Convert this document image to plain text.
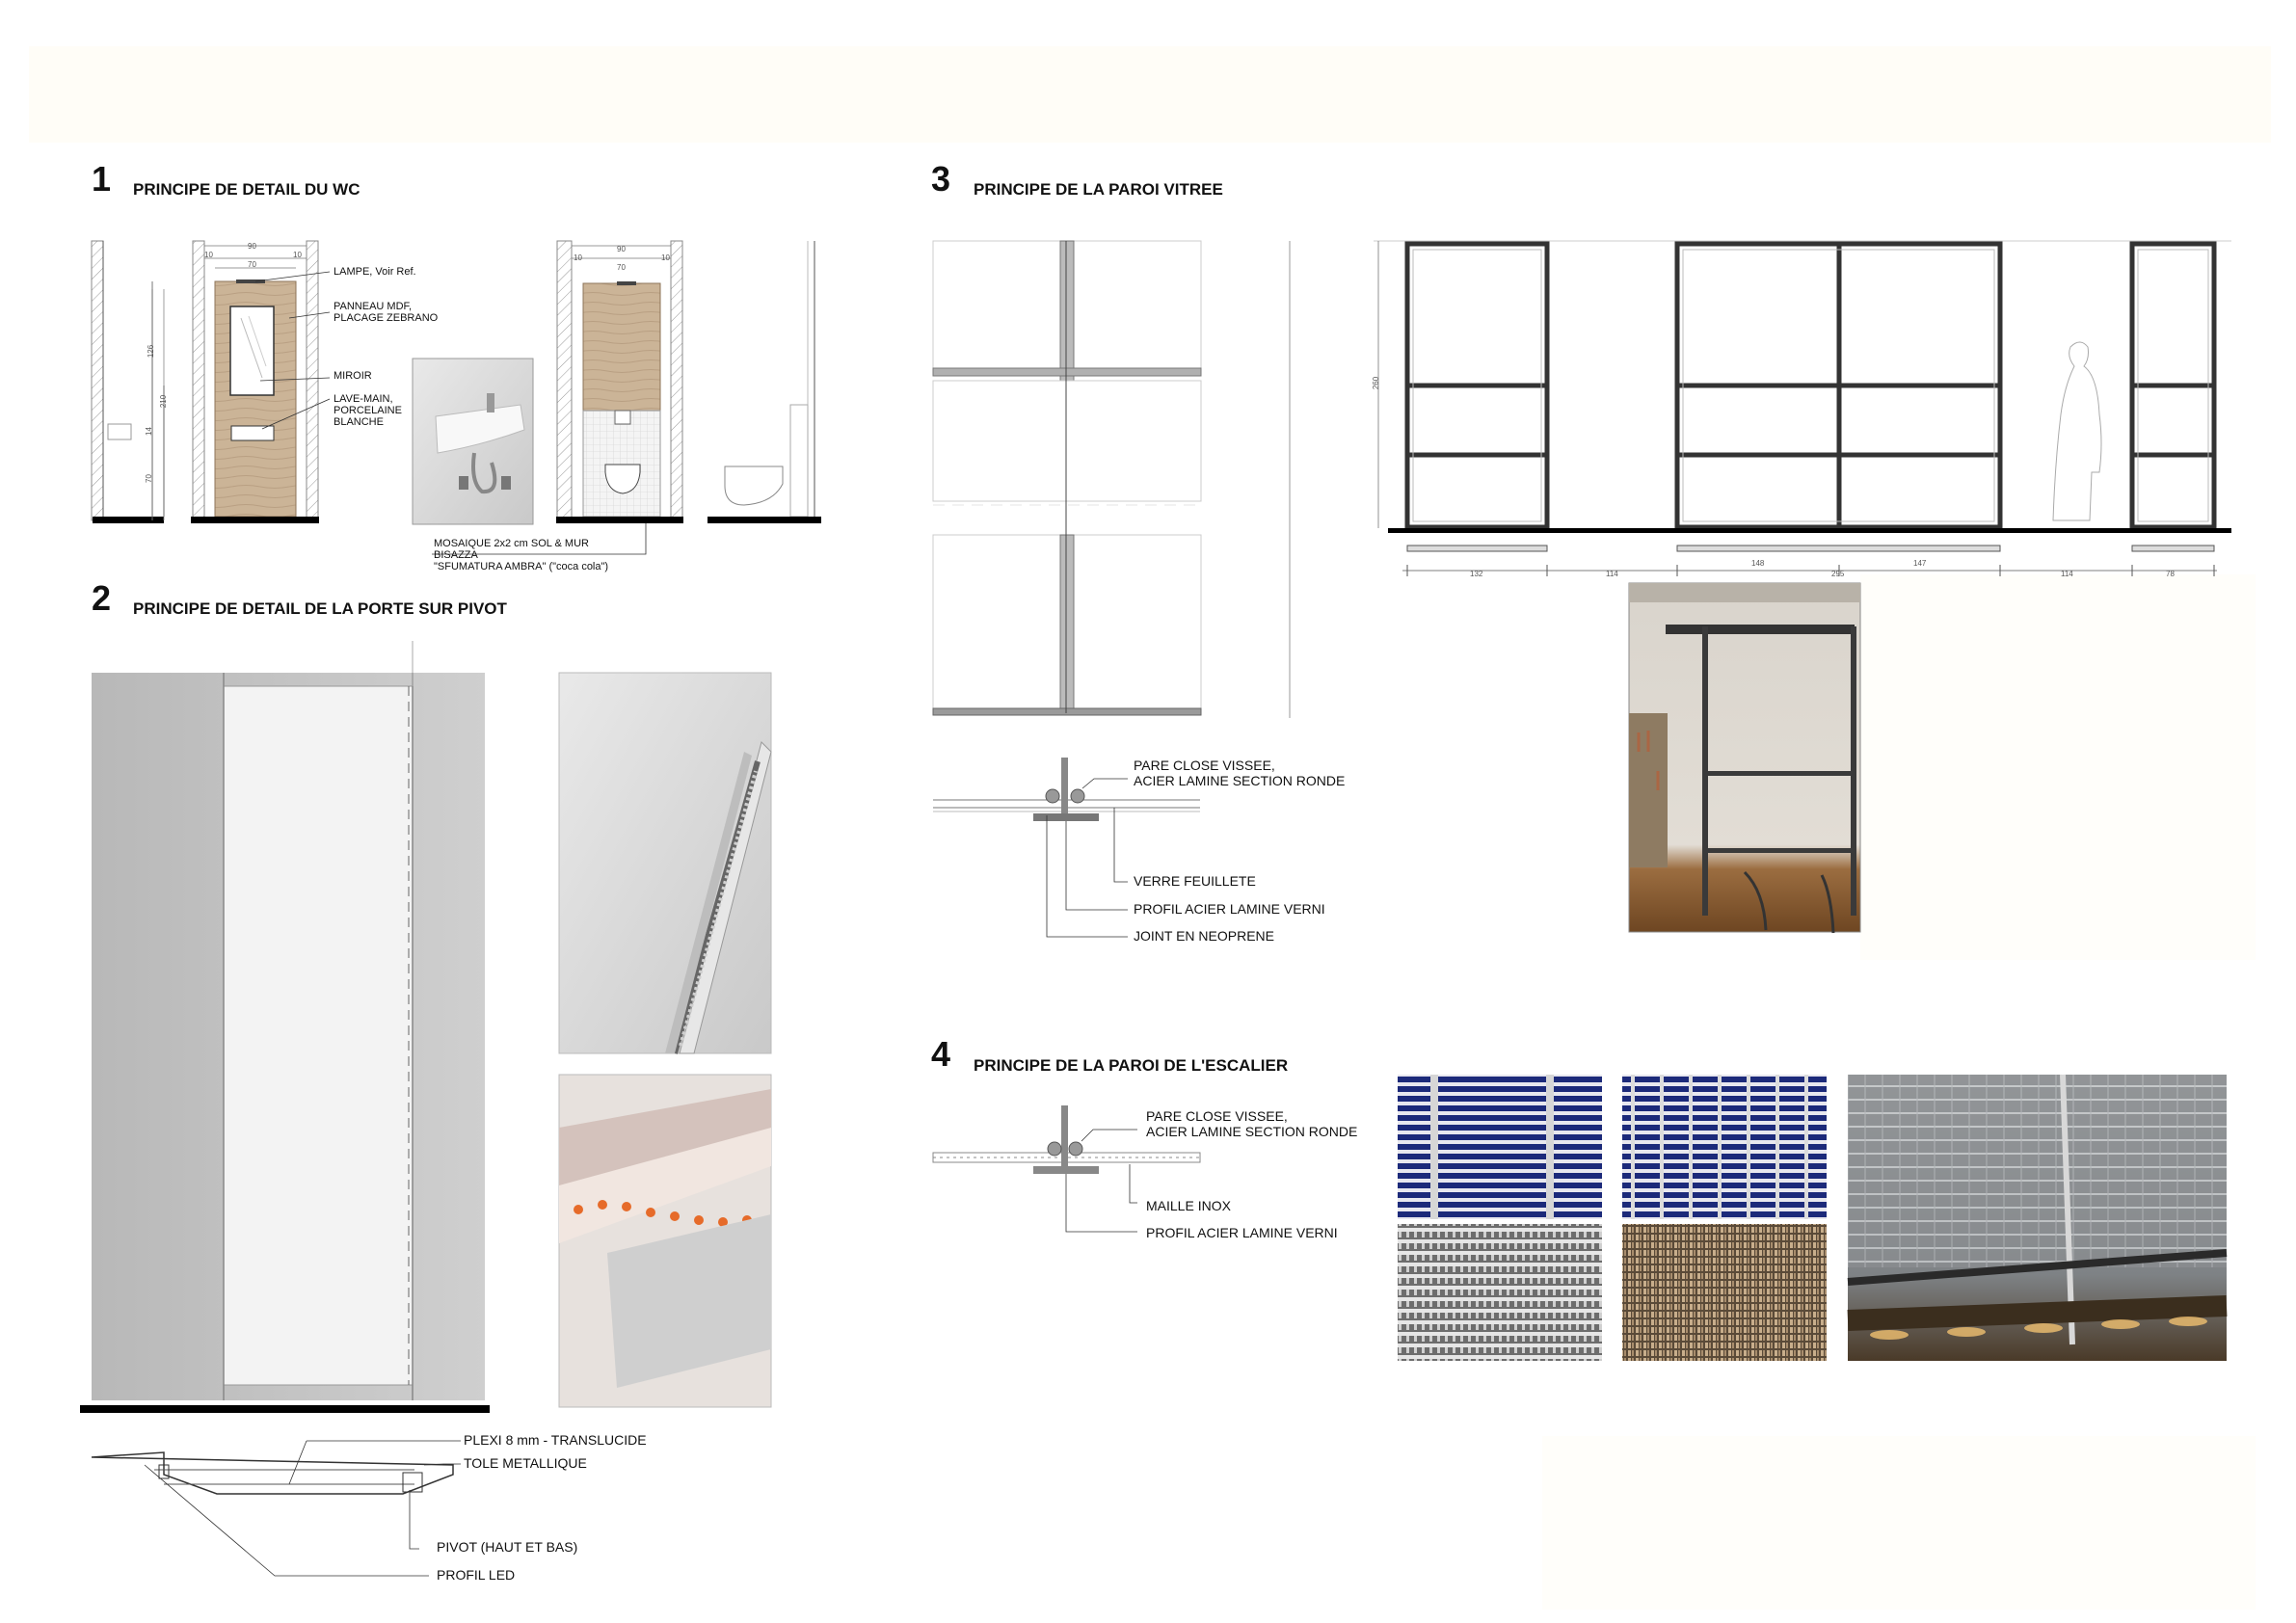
1 PRINCIPE DE DETAIL DU WC
2 PRINCIPE DE DETAIL DE LA PORTE SUR PIVOT
3 PRINCIPE DE LA PAROI VITREE
4 PRINCIPE DE LA PAROI DE L'ESCALIER
LAMPE, Voir Ref.
PANNEAU MDF,
PLACAGE ZEBRANO
MIROIR
LAVE-MAIN,
PORCELAINE
BLANCHE
MOSAIQUE 2x2 cm SOL & MUR
BISAZZA
"SFUMATURA AMBRA" ("coca cola")
90
10
70
10
90
10
70
10
126
210
14
70
PLEXI 8 mm - TRANSLUCIDE
TOLE METALLIQUE
PIVOT (HAUT ET BAS)
PROFIL LED
PARE CLOSE VISSEE,
ACIER LAMINE SECTION RONDE
VERRE FEUILLETE
PROFIL ACIER LAMINE VERNI
JOINT EN NEOPRENE
260
132	114
148	147
295	114	78
PARE CLOSE VISSEE,
ACIER LAMINE SECTION RONDE
MAILLE INOX
PROFIL ACIER LAMINE VERNI
